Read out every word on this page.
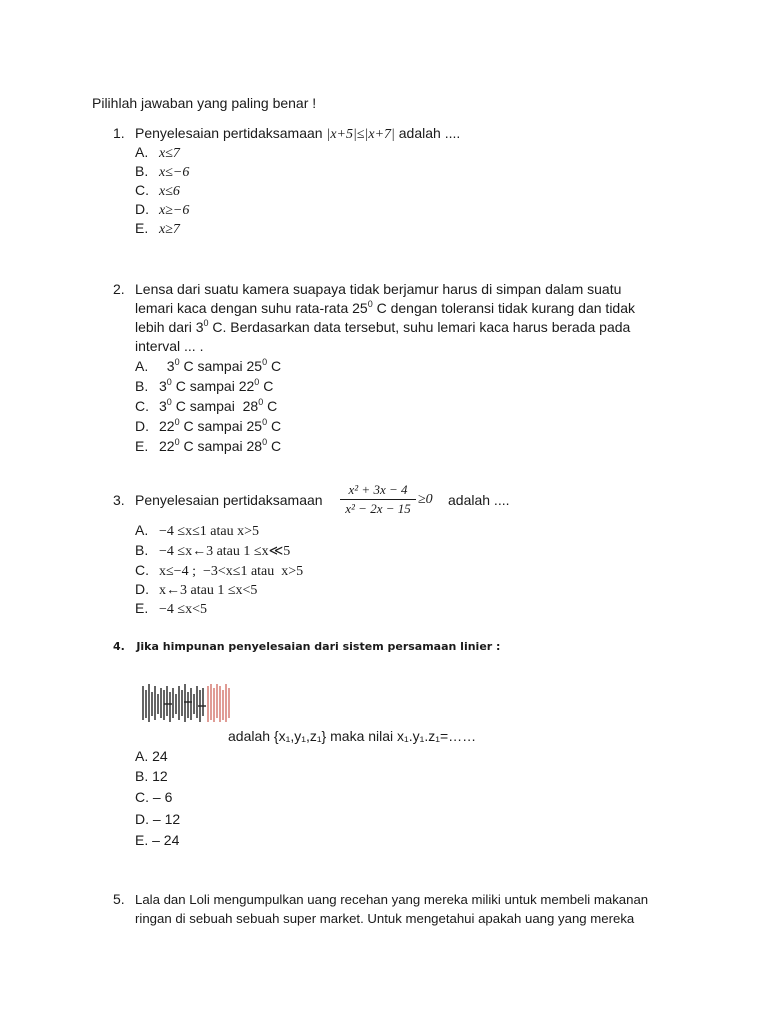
Pilihlah jawaban yang paling benar !
1. Penyelesaian pertidaksamaan |x+5|≤|x+7| adalah ....
A. x≤7
B. x≤−6
C. x≤6
D. x≥−6
E. x≥7
2. Lensa dari suatu kamera suapaya tidak berjamur harus di simpan dalam suatu
lemari kaca dengan suhu rata-rata $25^0$ C dengan toleransi tidak kurang dan tidak
lebih dari $3^0$ C. Berdasarkan data tersebut, suhu lemari kaca harus berada pada
interval ... .
A.  $3^0$ C sampai $25^0$ C
B. $3^0$ C sampai $22^0$ C
C. $3^0$ C sampai  $28^0$ C
D. $22^0$ C sampai $25^0$ C
E. $22^0$ C sampai $28^0$ C
3. Penyelesaian pertidaksamaan
x² + 3x − 4
x² − 2x − 15
≥0 adalah ....
A. −4 ≤x≤1 atau x>5
B. −4 ≤x←3 atau 1 ≤x≪5
C. x≤−4 ;  −3<x≤1 atau  x>5
D. x←3 atau 1 ≤x<5
E. −4 ≤x<5
4.   Jika himpunan penyelesaian dari sistem persamaan linier :
adalah {x₁,y₁,z₁} maka nilai x₁.y₁.z₁=……
A. 24
B. 12
C. – 6
D. – 12
E. – 24
5. Lala dan Loli mengumpulkan uang recehan yang mereka miliki untuk membeli makanan
ringan di sebuah sebuah super market. Untuk mengetahui apakah uang yang mereka
